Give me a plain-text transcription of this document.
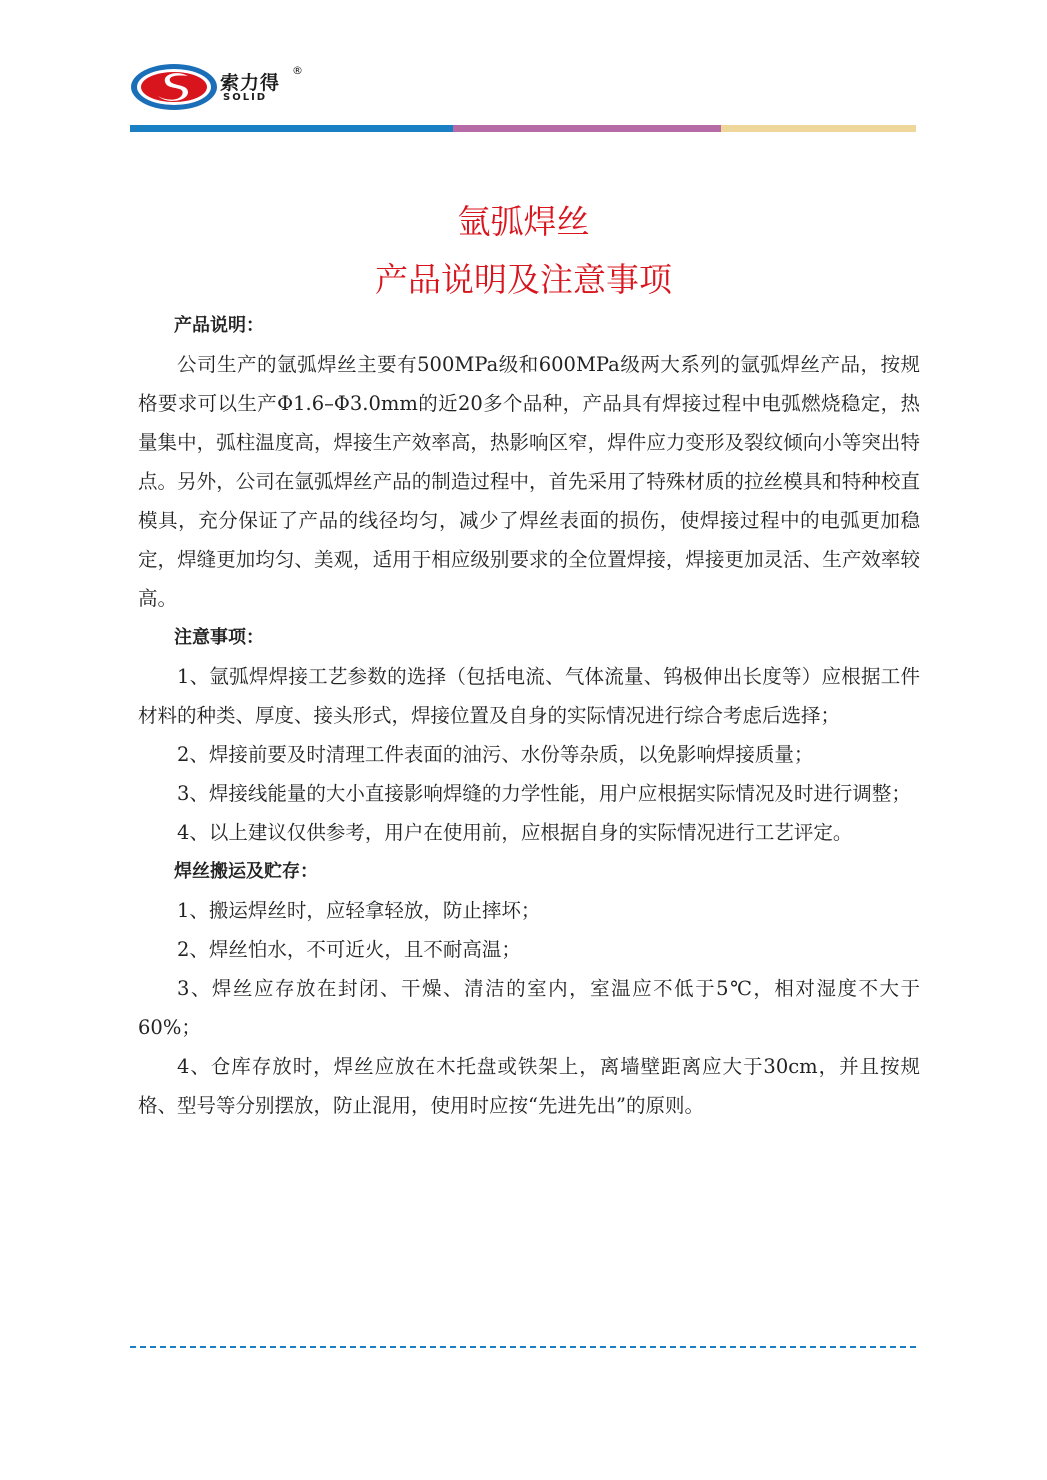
索力得
®
SOLID
氩弧焊丝
产品说明及注意事项

产品说明：

公司生产的氩弧焊丝主要有500MPa级和600MPa级两大系列的氩弧焊丝产品，按规格要求可以生产Φ1.6–Φ3.0mm的近20多个品种，产品具有焊接过程中电弧燃烧稳定，热量集中，弧柱温度高，焊接生产效率高，热影响区窄，焊件应力变形及裂纹倾向小等突出特点。另外，公司在氩弧焊丝产品的制造过程中，首先采用了特殊材质的拉丝模具和特种校直模具，充分保证了产品的线径均匀，减少了焊丝表面的损伤，使焊接过程中的电弧更加稳定，焊缝更加均匀、美观，适用于相应级别要求的全位置焊接，焊接更加灵活、生产效率较高。

注意事项：

1、氩弧焊焊接工艺参数的选择（包括电流、气体流量、钨极伸出长度等）应根据工件材料的种类、厚度、接头形式，焊接位置及自身的实际情况进行综合考虑后选择；

2、焊接前要及时清理工件表面的油污、水份等杂质，以免影响焊接质量；

3、焊接线能量的大小直接影响焊缝的力学性能，用户应根据实际情况及时进行调整；

4、以上建议仅供参考，用户在使用前，应根据自身的实际情况进行工艺评定。

焊丝搬运及贮存：

1、搬运焊丝时，应轻拿轻放，防止摔坏；

2、焊丝怕水，不可近火，且不耐高温；

3、焊丝应存放在封闭、干燥、清洁的室内，室温应不低于5℃，相对湿度不大于60%；

4、仓库存放时，焊丝应放在木托盘或铁架上，离墙壁距离应大于30cm，并且按规格、型号等分别摆放，防止混用，使用时应按“先进先出”的原则。
